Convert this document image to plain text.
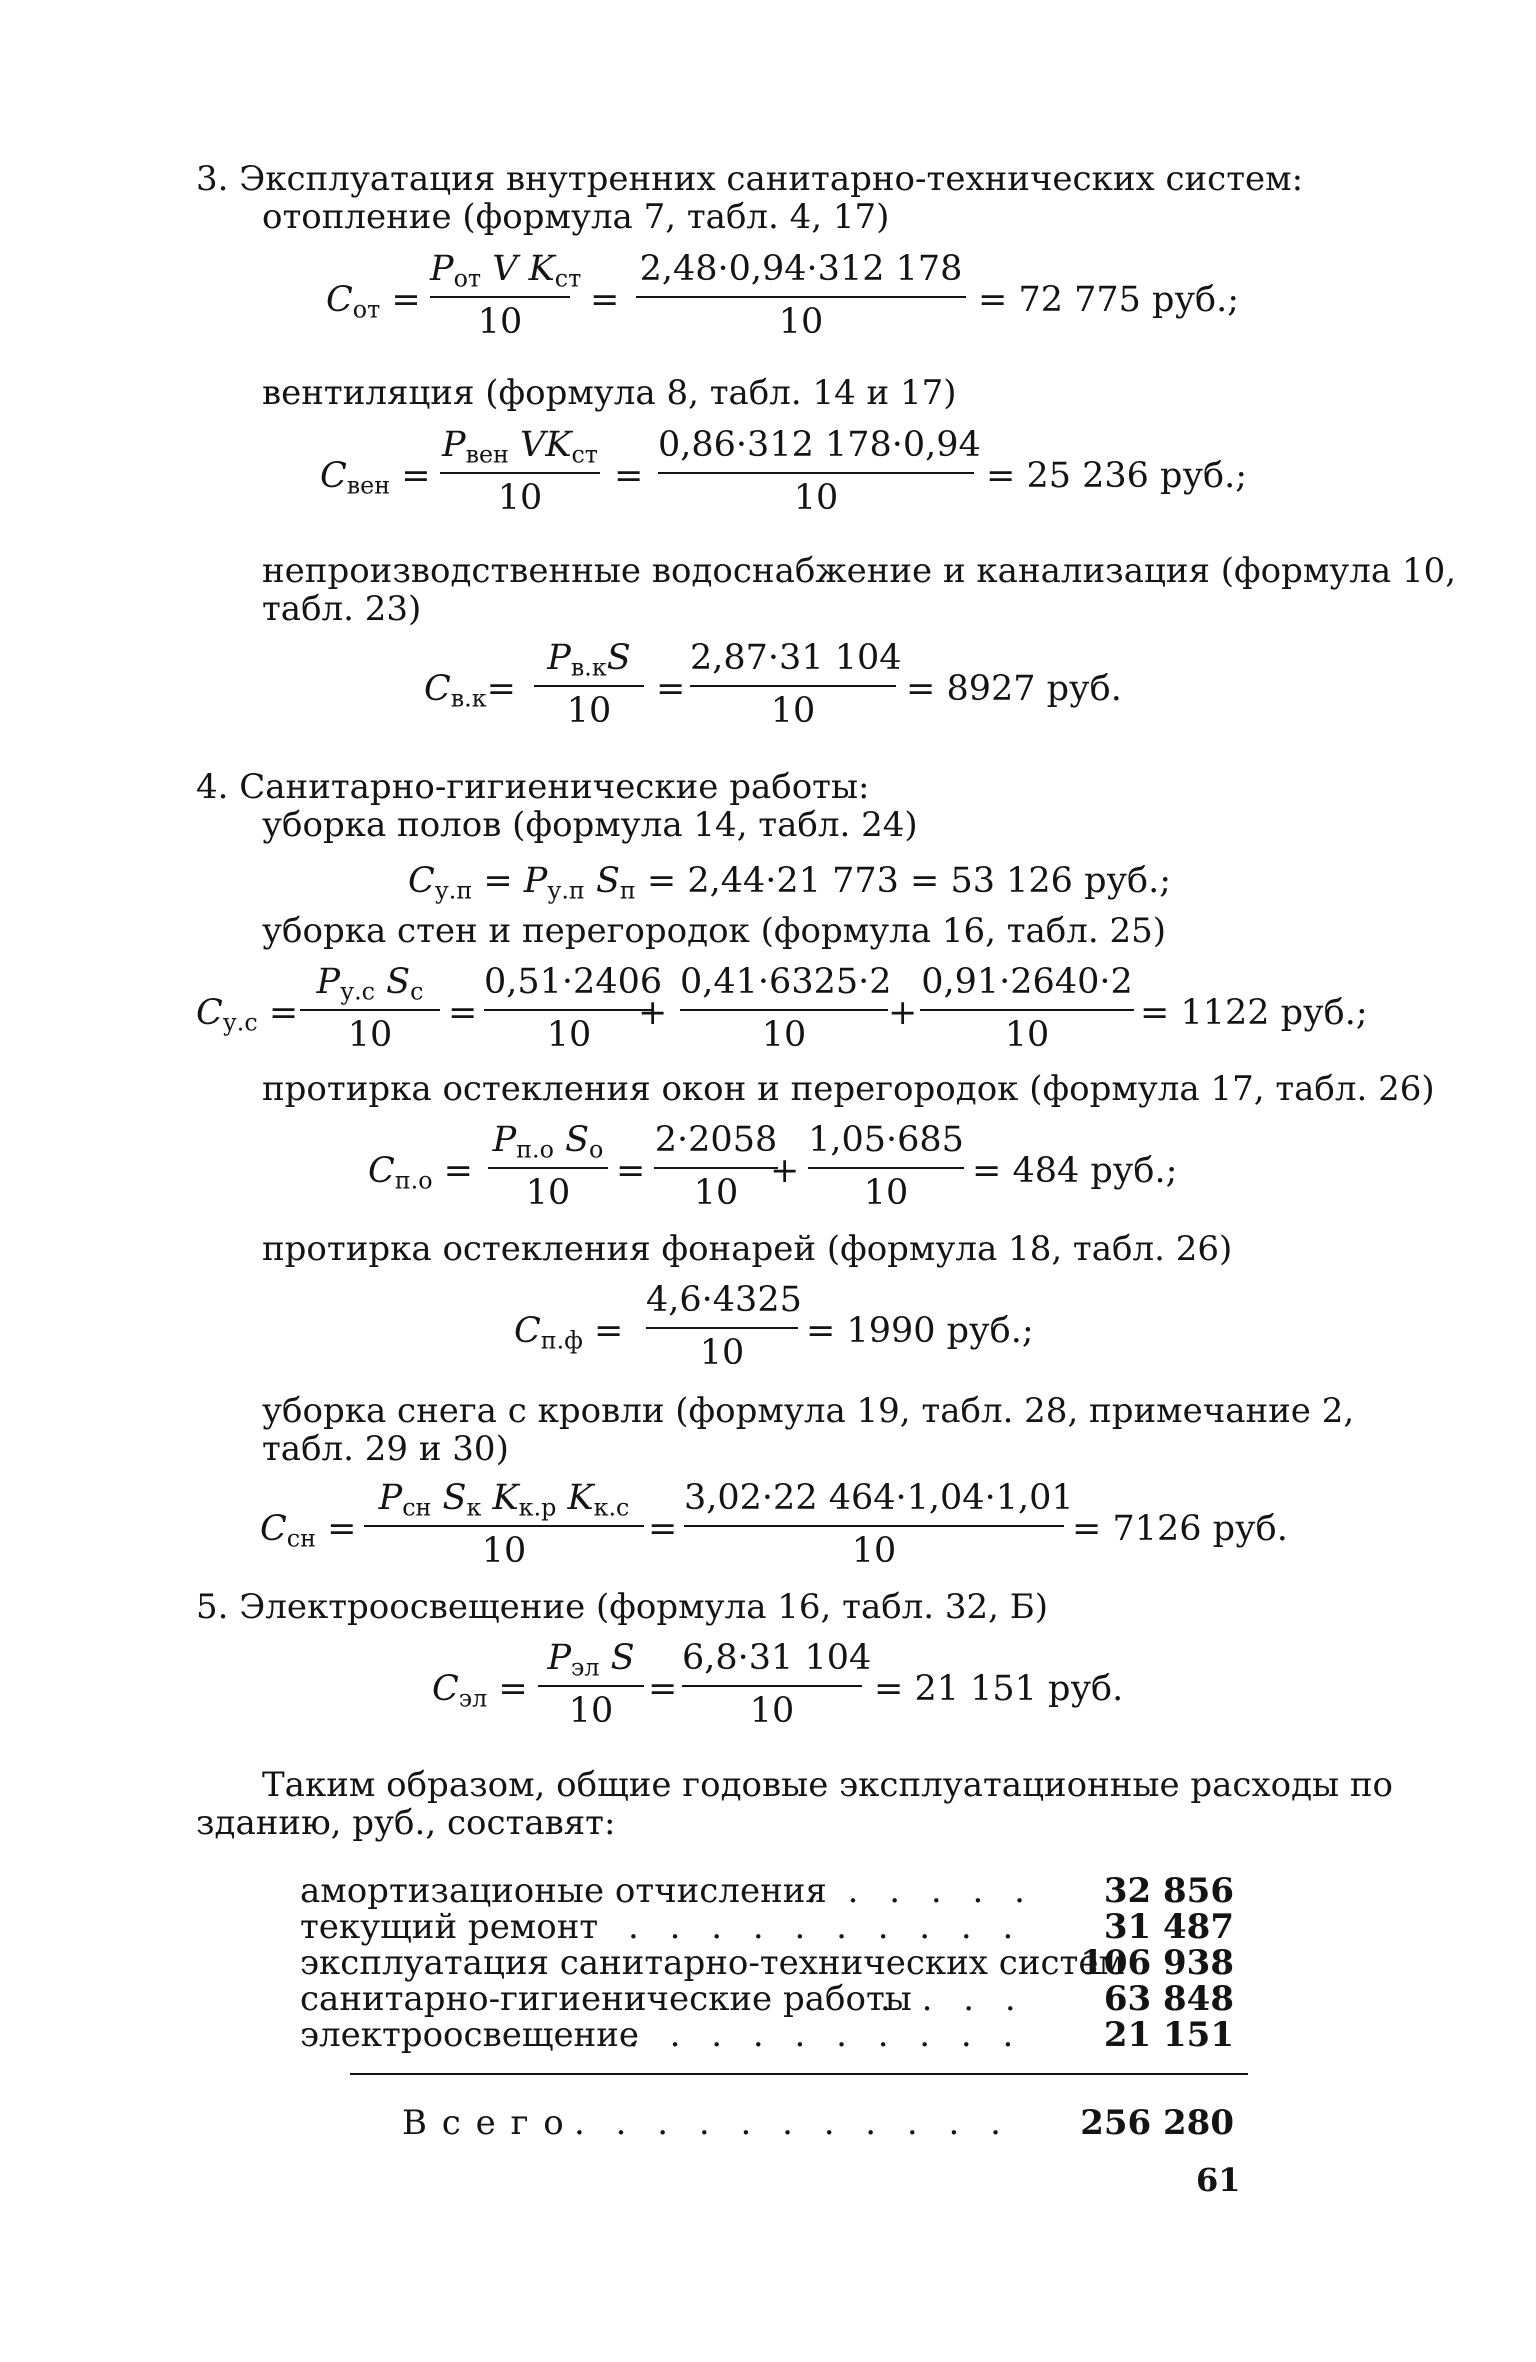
3. Эксплуатация внутренних санитарно-технических систем:
отопление (формула 7, табл. 4, 17)
$C_{от}$ =
$P_{от}$ V $K_{ст}$
10
=
2,48·0,94·312 178
10
= 72 775 руб.;
вентиляция (формула 8, табл. 14 и 17)
$C_{вен}$ =
$P_{вен}$ $VK_{ст}$
10
=
0,86·312 178·0,94
10
= 25 236 руб.;
непроизводственные водоснабжение и канализация (формула 10,
табл. 23)
$C_{в.к}=$
$P_{в.к}S$
10
=
2,87·31 104
10
= 8927 руб.
4. Санитарно-гигиенические работы:
уборка полов (формула 14, табл. 24)
$C_{у.п} = P_{у.п}$ $S_п = 2,44\cdot 21$ 773 = 53 126 руб.;
уборка стен и перегородок (формула 16, табл. 25)
$C_{у.с}$ =
$P_{у.с}$ $S_с$
10
=
0,51·2406
10
+
0,41·6325·2
10
+
0,91·2640·2
10
= 1122 руб.;
протирка остекления окон и перегородок (формула 17, табл. 26)
$C_{п.о}$ =
$P_{п.о}$ $S_о$
10
=
2·2058
10
+
1,05·685
10
= 484 руб.;
протирка остекления фонарей (формула 18, табл. 26)
$C_{п.ф}$ =
4,6·4325
10
= 1990 руб.;
уборка снега с кровли (формула 19, табл. 28, примечание 2,
табл. 29 и 30)
$C_{сн}$ =
$P_{сн}$ $S_к$ $K_{к.р}$ $K_{к.с}$
10
=
3,02·22 464·1,04·1,01
10
= 7126 руб.
5. Электроосвещение (формула 16, табл. 32, Б)
$C_{эл}$ =
$P_{эл}$ S
10
=
6,8·31 104
10
= 21 151 руб.
Таким образом, общие годовые эксплуатационные расходы по
зданию, руб., составят:
амортизационые отчисления
. . . . . .	32 856
текущий ремонт . . . . . . . . . .	31 487
эксплуатация санитарно-технических систем
106 938
санитарно-гигиенические работы
. . . .	63 848
электроосвещение
. . . . . . . . . .	21 151
В с е г о . . . . . . . . . . .	256 280
61
